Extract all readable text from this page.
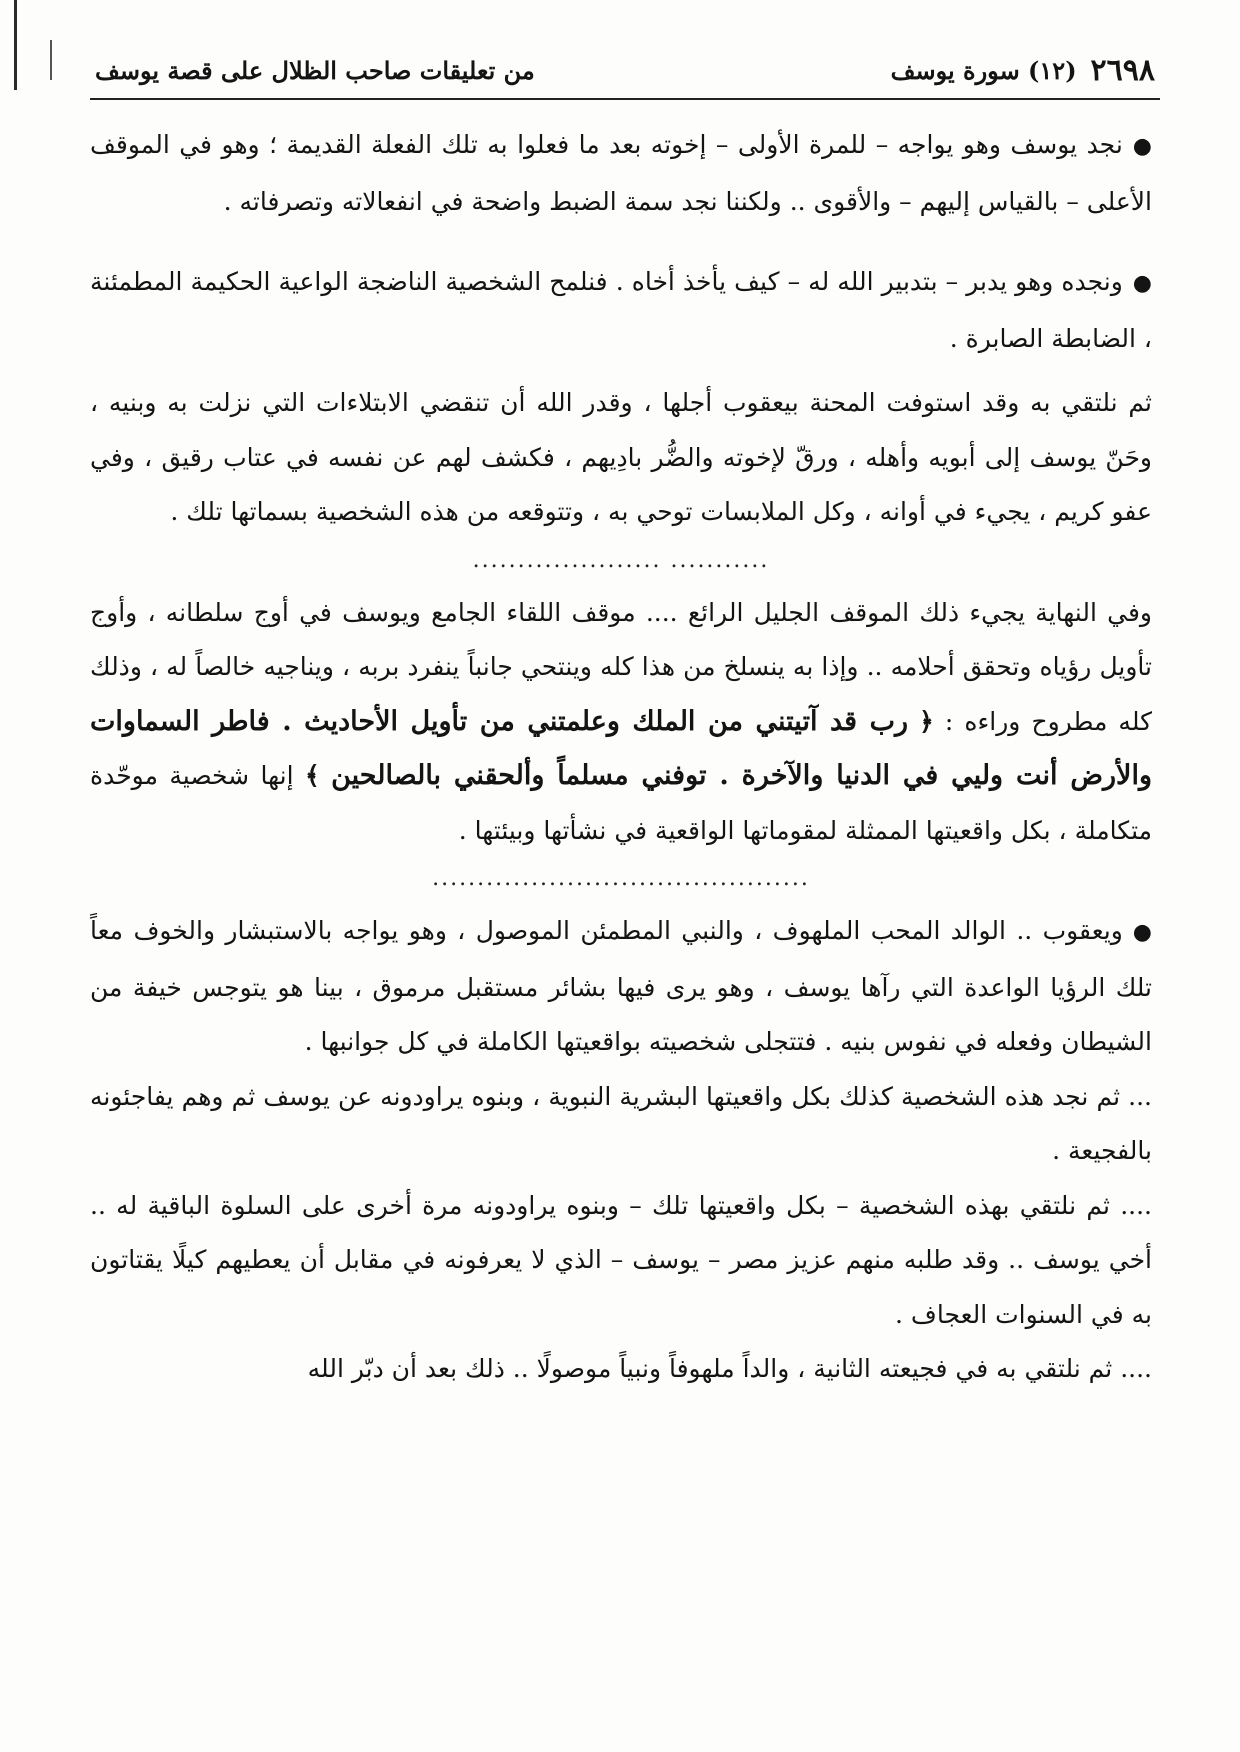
٢٦٩٨
(١٢) سورة يوسف
من تعليقات صاحب الظلال على قصة يوسف

●نجد يوسف وهو يواجه – للمرة الأولى – إخوته بعد ما فعلوا به تلك الفعلة القديمة ؛ وهو في الموقف الأعلى – بالقياس إليهم – والأقوى .. ولكننا نجد سمة الضبط واضحة في انفعالاته وتصرفاته .

●ونجده وهو يدبر – بتدبير الله له – كيف يأخذ أخاه . فنلمح الشخصية الناضجة الواعية الحكيمة المطمئنة ، الضابطة الصابرة .

ثم نلتقي به وقد استوفت المحنة بيعقوب أجلها ، وقدر الله أن تنقضي الابتلاءات التي نزلت به وبنيه ، وحَنّ يوسف إلى أبويه وأهله ، ورقّ لإخوته والضُّر بادِيهم ، فكشف لهم عن نفسه في عتاب رقيق ، وفي عفو كريم ، يجيء في أوانه ، وكل الملابسات توحي به ، وتتوقعه من هذه الشخصية بسماتها تلك .

..................... ...........

وفي النهاية يجيء ذلك الموقف الجليل الرائع .... موقف اللقاء الجامع ويوسف في أوج سلطانه ، وأوج تأويل رؤياه وتحقق أحلامه .. وإذا به ينسلخ من هذا كله وينتحي جانباً ينفرد بربه ، ويناجيه خالصاً له ، وذلك كله مطروح وراءه : ﴿ رب قد آتيتني من الملك وعلمتني من تأويل الأحاديث . فاطر السماوات والأرض أنت وليي في الدنيا والآخرة . توفني مسلماً وألحقني بالصالحين ﴾ إنها شخصية موحّدة متكاملة ، بكل واقعيتها الممثلة لمقوماتها الواقعية في نشأتها وبيئتها .

..........................................

●ويعقوب .. الوالد المحب الملهوف ، والنبي المطمئن الموصول ، وهو يواجه بالاستبشار والخوف معاً تلك الرؤيا الواعدة التي رآها يوسف ، وهو يرى فيها بشائر مستقبل مرموق ، بينا هو يتوجس خيفة من الشيطان وفعله في نفوس بنيه . فتتجلى شخصيته بواقعيتها الكاملة في كل جوانبها .

... ثم نجد هذه الشخصية كذلك بكل واقعيتها البشرية النبوية ، وبنوه يراودونه عن يوسف ثم وهم يفاجئونه بالفجيعة .

.... ثم نلتقي بهذه الشخصية – بكل واقعيتها تلك – وبنوه يراودونه مرة أخرى على السلوة الباقية له .. أخي يوسف .. وقد طلبه منهم عزيز مصر – يوسف – الذي لا يعرفونه في مقابل أن يعطيهم كيلًا يقتاتون به في السنوات العجاف .

.... ثم نلتقي به في فجيعته الثانية ، والداً ملهوفاً ونبياً موصولًا .. ذلك بعد أن دبّر الله
